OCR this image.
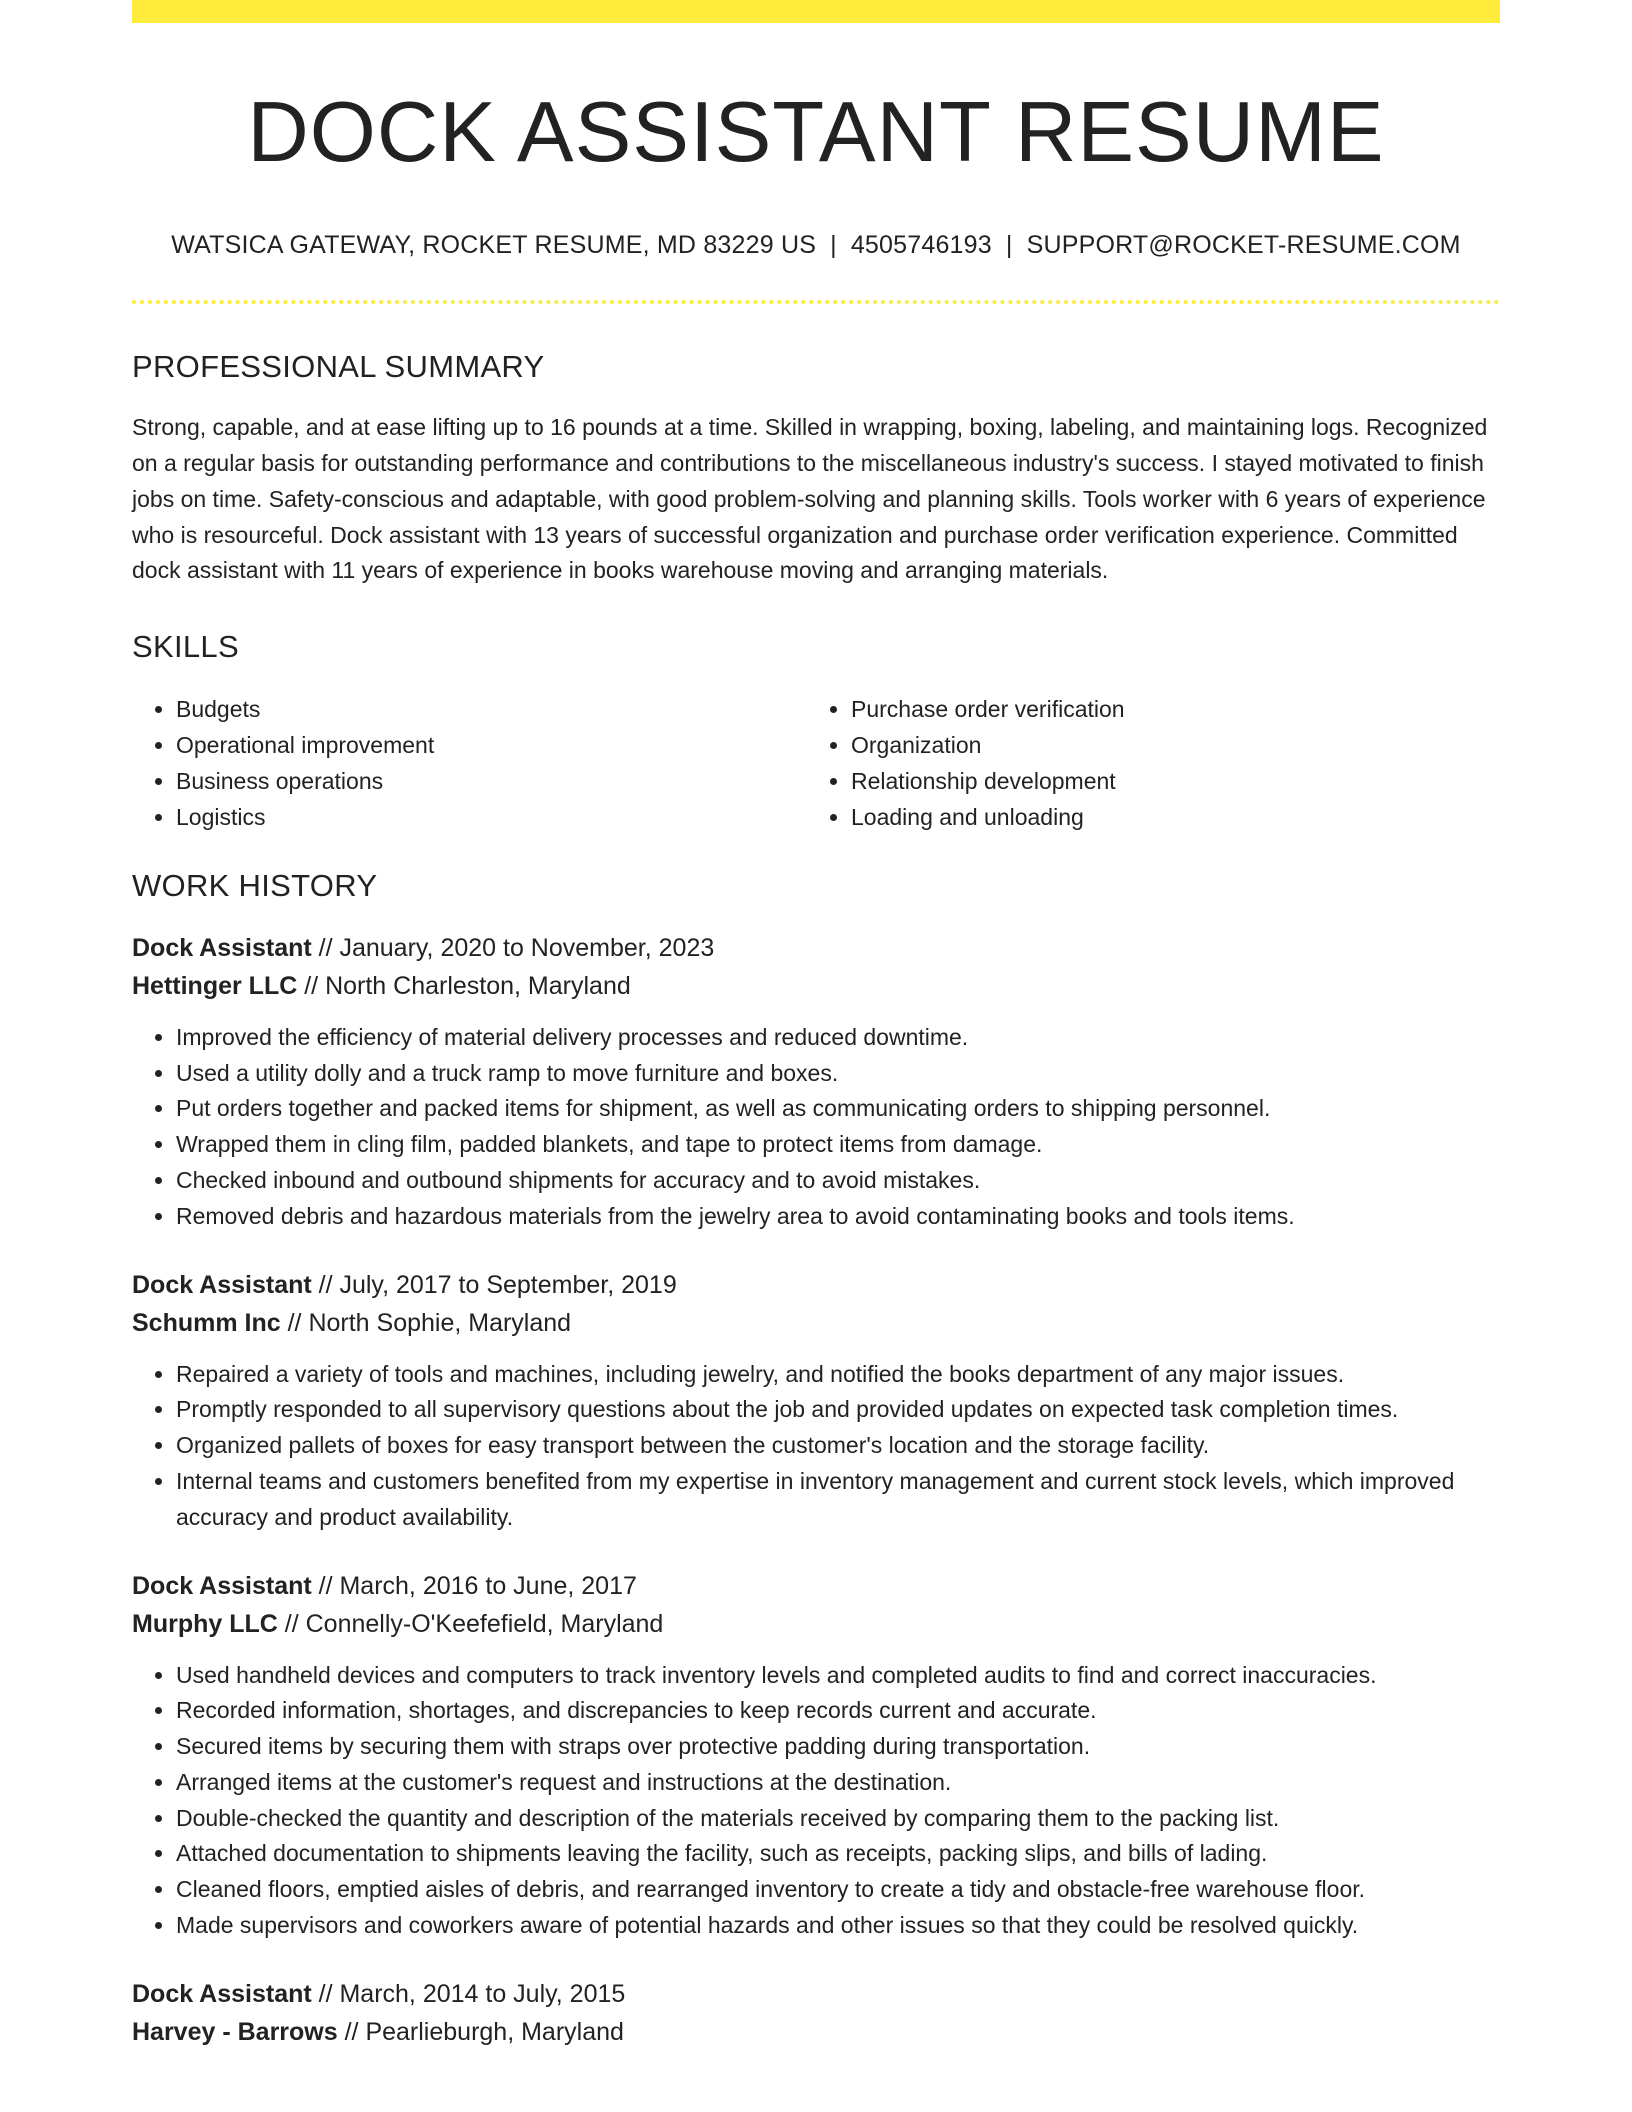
DOCK ASSISTANT RESUME
WATSICA GATEWAY, ROCKET RESUME, MD 83229 US | 4505746193 | SUPPORT@ROCKET-RESUME.COM
PROFESSIONAL SUMMARY

Strong, capable, and at ease lifting up to 16 pounds at a time. Skilled in wrapping, boxing, labeling, and maintaining logs. Recognized on a regular basis for outstanding performance and contributions to the miscellaneous industry's success. I stayed motivated to finish jobs on time. Safety-conscious and adaptable, with good problem-solving and planning skills. Tools worker with 6 years of experience who is resourceful. Dock assistant with 13 years of successful organization and purchase order verification experience. Committed dock assistant with 11 years of experience in books warehouse moving and arranging materials.

SKILLS
• Budgets
• Operational improvement
• Business operations
• Logistics
• Purchase order verification
• Organization
• Relationship development
• Loading and unloading
WORK HISTORY
Dock Assistant // January, 2020 to November, 2023
Hettinger LLC // North Charleston, Maryland
• Improved the efficiency of material delivery processes and reduced downtime.
• Used a utility dolly and a truck ramp to move furniture and boxes.
• Put orders together and packed items for shipment, as well as communicating orders to shipping personnel.
• Wrapped them in cling film, padded blankets, and tape to protect items from damage.
• Checked inbound and outbound shipments for accuracy and to avoid mistakes.
• Removed debris and hazardous materials from the jewelry area to avoid contaminating books and tools items.
Dock Assistant // July, 2017 to September, 2019
Schumm Inc // North Sophie, Maryland
• Repaired a variety of tools and machines, including jewelry, and notified the books department of any major issues.
• Promptly responded to all supervisory questions about the job and provided updates on expected task completion times.
• Organized pallets of boxes for easy transport between the customer's location and the storage facility.
• Internal teams and customers benefited from my expertise in inventory management and current stock levels, which improved accuracy and product availability.
Dock Assistant // March, 2016 to June, 2017
Murphy LLC // Connelly-O'Keefefield, Maryland
• Used handheld devices and computers to track inventory levels and completed audits to find and correct inaccuracies.
• Recorded information, shortages, and discrepancies to keep records current and accurate.
• Secured items by securing them with straps over protective padding during transportation.
• Arranged items at the customer's request and instructions at the destination.
• Double-checked the quantity and description of the materials received by comparing them to the packing list.
• Attached documentation to shipments leaving the facility, such as receipts, packing slips, and bills of lading.
• Cleaned floors, emptied aisles of debris, and rearranged inventory to create a tidy and obstacle-free warehouse floor.
• Made supervisors and coworkers aware of potential hazards and other issues so that they could be resolved quickly.
Dock Assistant // March, 2014 to July, 2015
Harvey - Barrows // Pearlieburgh, Maryland
